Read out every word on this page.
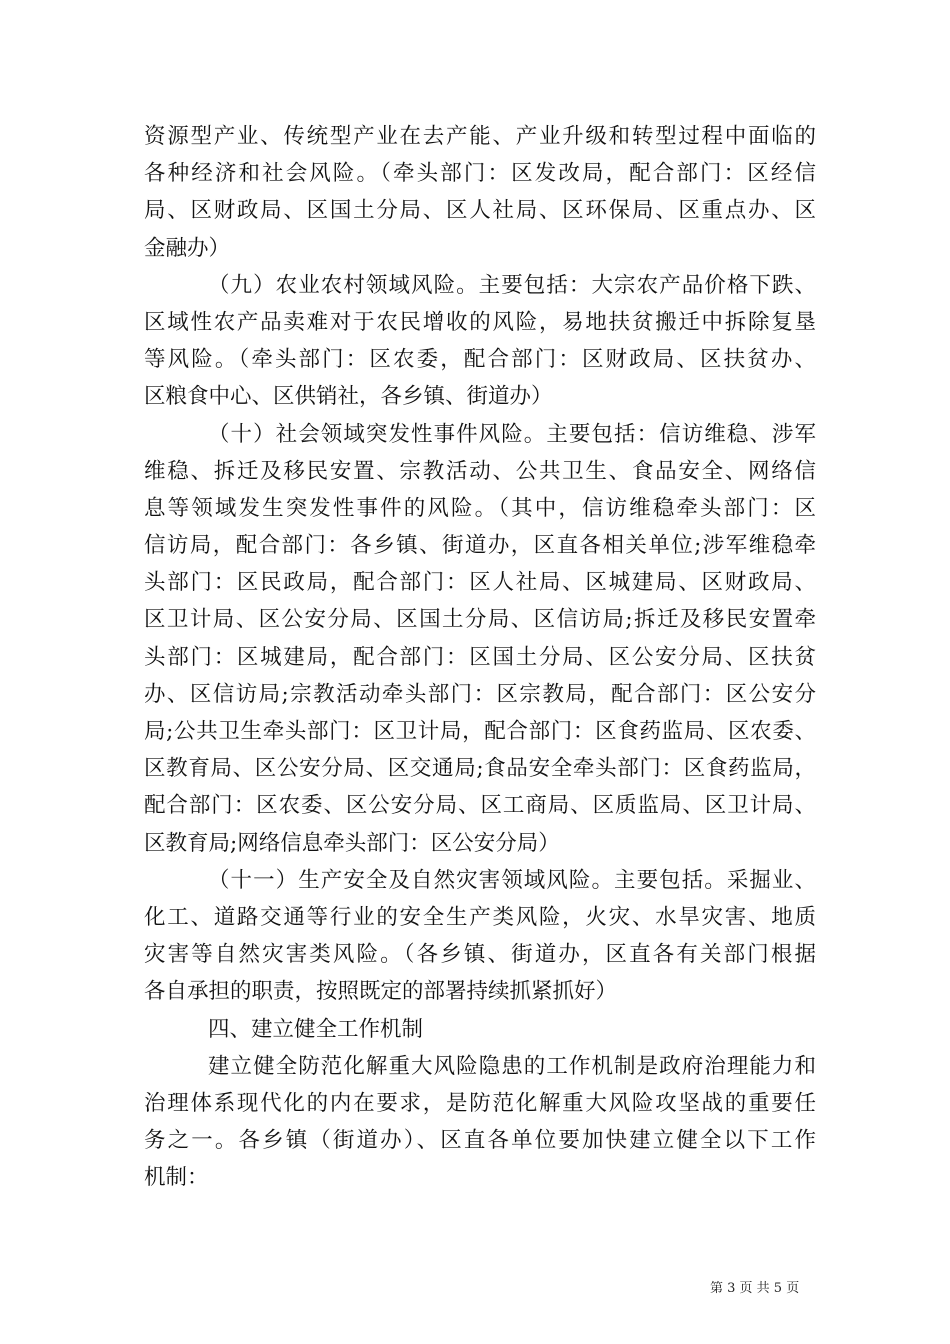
资源型产业、传统型产业在去产能、产业升级和转型过程中面临的
各种经济和社会风险。（牵头部门：区发改局，配合部门：区经信
局、区财政局、区国土分局、区人社局、区环保局、区重点办、区
金融办）
（九）农业农村领域风险。主要包括：大宗农产品价格下跌、
区域性农产品卖难对于农民增收的风险，易地扶贫搬迁中拆除复垦
等风险。（牵头部门：区农委，配合部门：区财政局、区扶贫办、
区粮食中心、区供销社，各乡镇、街道办）
（十）社会领域突发性事件风险。主要包括：信访维稳、涉军
维稳、拆迁及移民安置、宗教活动、公共卫生、食品安全、网络信
息等领域发生突发性事件的风险。（其中，信访维稳牵头部门：区
信访局，配合部门：各乡镇、街道办，区直各相关单位;涉军维稳牵
头部门：区民政局，配合部门：区人社局、区城建局、区财政局、
区卫计局、区公安分局、区国土分局、区信访局;拆迁及移民安置牵
头部门：区城建局，配合部门：区国土分局、区公安分局、区扶贫
办、区信访局;宗教活动牵头部门：区宗教局，配合部门：区公安分
局;公共卫生牵头部门：区卫计局，配合部门：区食药监局、区农委、
区教育局、区公安分局、区交通局;食品安全牵头部门：区食药监局，
配合部门：区农委、区公安分局、区工商局、区质监局、区卫计局、
区教育局;网络信息牵头部门：区公安分局）
（十一）生产安全及自然灾害领域风险。主要包括。采掘业、
化工、道路交通等行业的安全生产类风险，火灾、水旱灾害、地质
灾害等自然灾害类风险。（各乡镇、街道办，区直各有关部门根据
各自承担的职责，按照既定的部署持续抓紧抓好）
四、建立健全工作机制
建立健全防范化解重大风险隐患的工作机制是政府治理能力和
治理体系现代化的内在要求，是防范化解重大风险攻坚战的重要任
务之一。各乡镇（街道办）、区直各单位要加快建立健全以下工作
机制：
第 3 页 共 5 页
